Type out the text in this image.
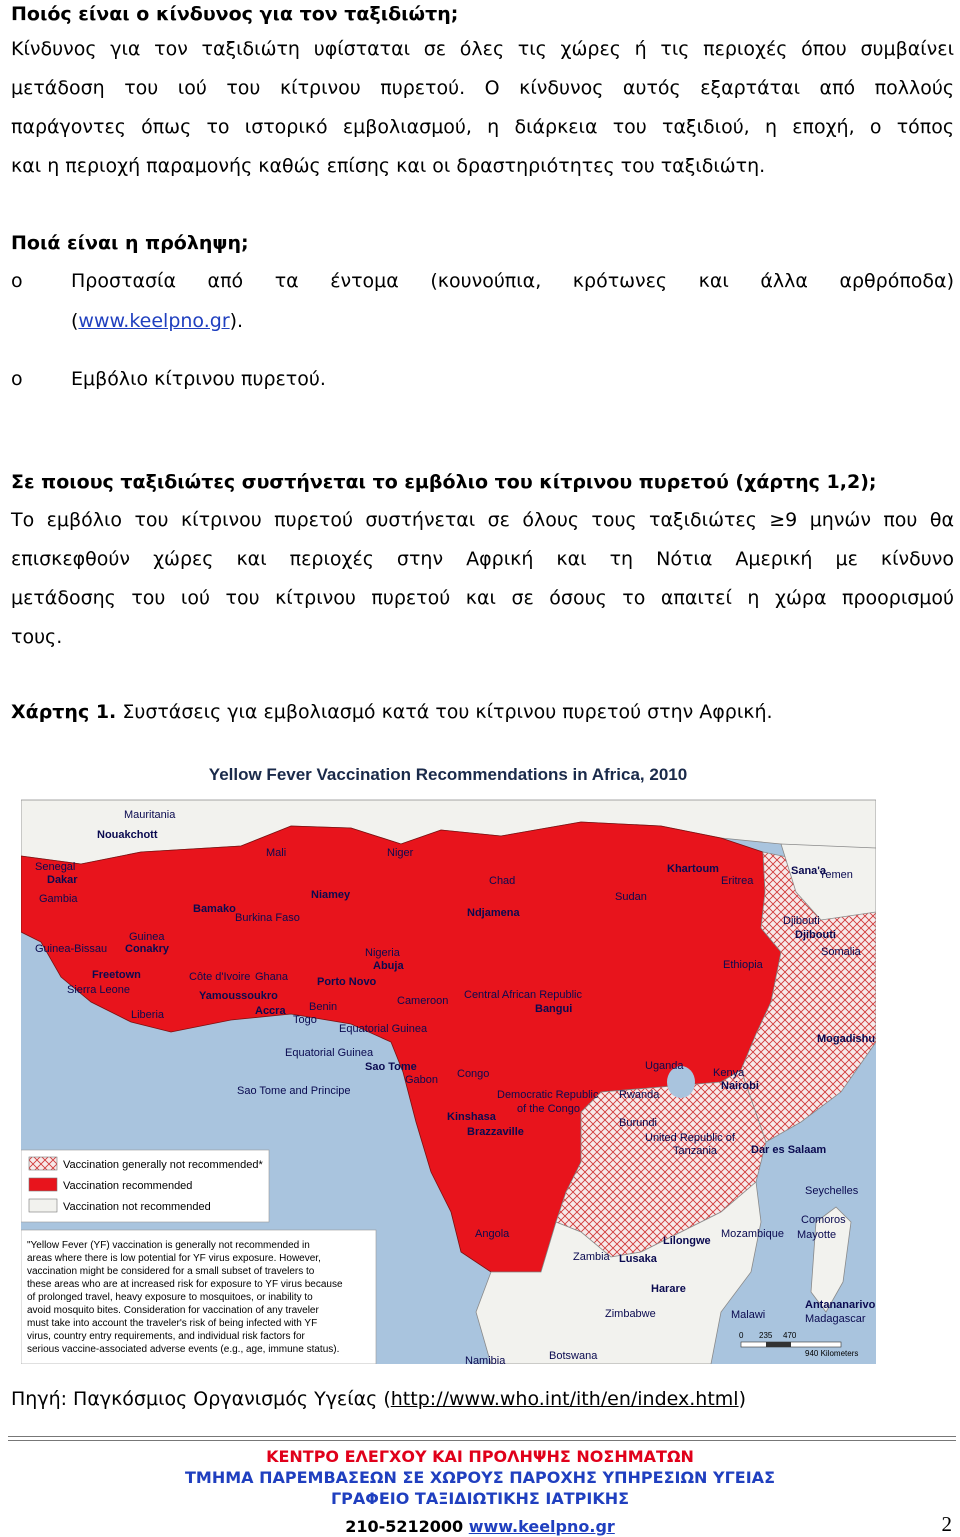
Ποιός είναι ο κίνδυνος για τον ταξιδιώτη;
Κίνδυνος για τον ταξιδιώτη υφίσταται σε όλες τις χώρες ή τις περιοχές όπου συμβαίνει
μετάδοση του ιού του κίτρινου πυρετού. Ο κίνδυνος αυτός εξαρτάται από πολλούς
παράγοντες όπως το ιστορικό εμβολιασμού, η διάρκεια του ταξιδιού, η εποχή, ο τόπος
και η περιοχή παραμονής καθώς επίσης και οι δραστηριότητες του ταξιδιώτη.
Ποιά είναι η πρόληψη;
o	Προστασία από τα έντομα (κουνούπια, κρότωνες και άλλα αρθρόποδα)
(www.keelpno.gr).
o	Εμβόλιο κίτρινου πυρετού.
Σε ποιους ταξιδιώτες συστήνεται το εμβόλιο του κίτρινου πυρετού (χάρτης 1,2);
Το εμβόλιο του κίτρινου πυρετού συστήνεται σε όλους τους ταξιδιώτες ≥9 μηνών που θα
επισκεφθούν χώρες και περιοχές στην Αφρική και τη Νότια Αμερική με κίνδυνο
μετάδοσης του ιού του κίτρινου πυρετού και σε όσους το απαιτεί η χώρα προορισμού
τους.
Χάρτης 1. Συστάσεις για εμβολιασμό κατά του κίτρινου πυρετού στην Αφρική.
Yellow Fever Vaccination Recommendations in Africa, 2010
Mauritania
Nouakchott
Mali	Niger
Senegal
Dakar
Gambia
Chad
Niamey
Bamako
Burkina Faso	Ndjamena
Sudan
Khartoum
Eritrea
Sana'a
Yemen
Djibouti
Djibouti
Somalia
Guinea
Conakry
Guinea-Bissau	Nigeria
Abuja
Freetown
Sierra Leone
Côte d'Ivoire Ghana	Porto Novo
Ethiopia
Yamoussoukro
Accra Benin
Liberia	Togo
Cameroon Central African Republic
Bangui
Equatorial Guinea
Equatorial Guinea
Mogadishu
Sao Tome
Sao Tome and Principe
Gabon Congo
Uganda
Kenya
Nairobi
Democratic Republic
of the Congo
Rwanda
Burundi
Kinshasa
Brazzaville	United Republic of
Tanzania	Dar es Salaam
Seychelles
Angola
Comoros
Mayotte
Lilongwe
Mozambique
Malawi
Zambia Lusaka
Harare
Zimbabwe
Antananarivo
Madagascar
Botswana
Namibia
Vaccination generally not recommended*
Vaccination recommended
Vaccination not recommended
"Yellow Fever (YF) vaccination is generally not recommended in
areas where there is low potential for YF virus exposure. However,
vaccination might be considered for a small subset of travelers to
these areas who are at increased risk for exposure to YF virus because
of prolonged travel, heavy exposure to mosquitoes, or inability to
avoid mosquito bites. Consideration for vaccination of any traveler
must take into account the traveler's risk of being infected with YF
virus, country entry requirements, and individual risk factors for
serious vaccine-associated adverse events (e.g., age, immune status).
0 235 470
940 Kilometers
Πηγή: Παγκόσμιος Οργανισμός Υγείας (http://www.who.int/ith/en/index.html)
ΚΕΝΤΡΟ ΕΛΕΓΧΟΥ ΚΑΙ ΠΡΟΛΗΨΗΣ ΝΟΣΗΜΑΤΩΝ
ΤΜΗΜΑ ΠΑΡΕΜΒΑΣΕΩΝ ΣΕ ΧΩΡΟΥΣ ΠΑΡΟΧΗΣ ΥΠΗΡΕΣΙΩΝ ΥΓΕΙΑΣ
ΓΡΑΦΕΙΟ ΤΑΞΙΔΙΩΤΙΚΗΣ ΙΑΤΡΙΚΗΣ
210-5212000 www.keelpno.gr	2
